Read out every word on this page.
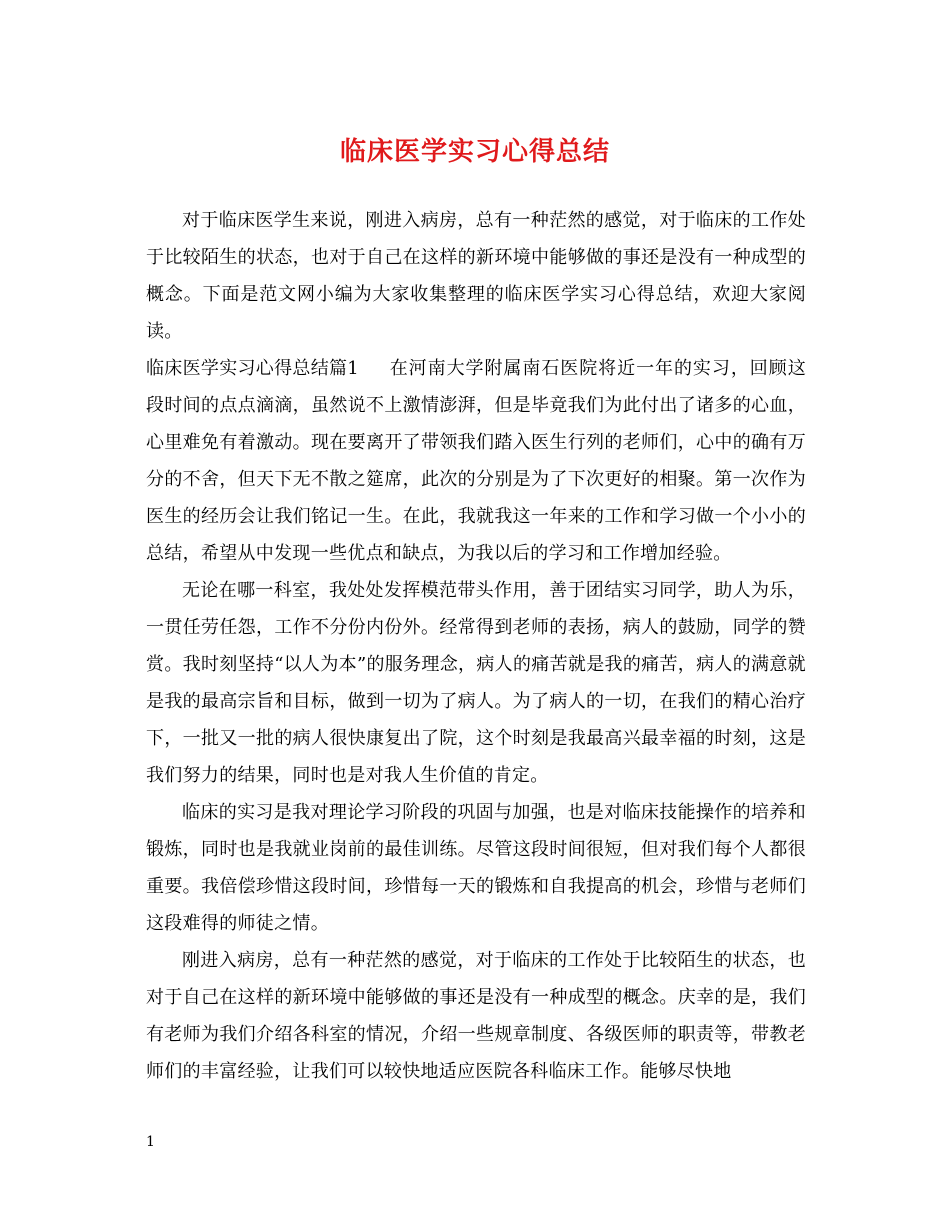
临床医学实习心得总结

对于临床医学生来说，刚进入病房，总有一种茫然的感觉，对于临床的工作处于比较陌生的状态，也对于自己在这样的新环境中能够做的事还是没有一种成型的概念。下面是范文网小编为大家收集整理的临床医学实习心得总结，欢迎大家阅读。

临床医学实习心得总结篇1 在河南大学附属南石医院将近一年的实习，回顾这段时间的点点滴滴，虽然说不上激情澎湃，但是毕竟我们为此付出了诸多的心血，心里难免有着激动。现在要离开了带领我们踏入医生行列的老师们，心中的确有万分的不舍，但天下无不散之筵席，此次的分别是为了下次更好的相聚。第一次作为医生的经历会让我们铭记一生。在此，我就我这一年来的工作和学习做一个小小的总结，希望从中发现一些优点和缺点，为我以后的学习和工作增加经验。

无论在哪一科室，我处处发挥模范带头作用，善于团结实习同学，助人为乐，一贯任劳任怨，工作不分份内份外。经常得到老师的表扬，病人的鼓励，同学的赞赏。我时刻坚持“以人为本”的服务理念，病人的痛苦就是我的痛苦，病人的满意就是我的最高宗旨和目标，做到一切为了病人。为了病人的一切，在我们的精心治疗下，一批又一批的病人很快康复出了院，这个时刻是我最高兴最幸福的时刻，这是我们努力的结果，同时也是对我人生价值的肯定。

临床的实习是我对理论学习阶段的巩固与加强，也是对临床技能操作的培养和锻炼，同时也是我就业岗前的最佳训练。尽管这段时间很短，但对我们每个人都很重要。我倍偿珍惜这段时间，珍惜每一天的锻炼和自我提高的机会，珍惜与老师们这段难得的师徒之情。

刚进入病房，总有一种茫然的感觉，对于临床的工作处于比较陌生的状态，也对于自己在这样的新环境中能够做的事还是没有一种成型的概念。庆幸的是，我们有老师为我们介绍各科室的情况，介绍一些规章制度、各级医师的职责等，带教老师们的丰富经验，让我们可以较快地适应医院各科临床工作。能够尽快地

1
